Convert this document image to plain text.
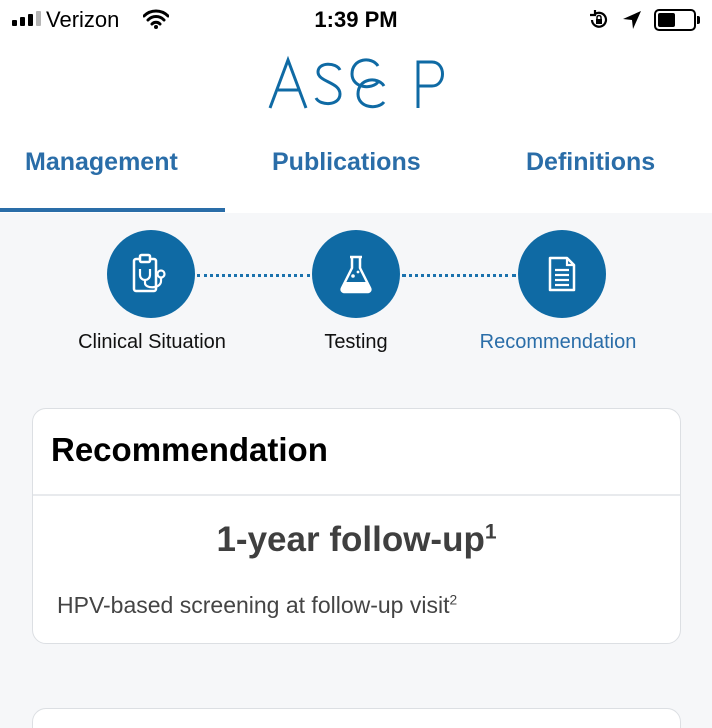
Verizon	1:39 PM
Management	Publications	Definitions
Clinical Situation	Testing	Recommendation
Recommendation
1-year follow-$up^1$
HPV-based screening at follow-up visit$^2$
